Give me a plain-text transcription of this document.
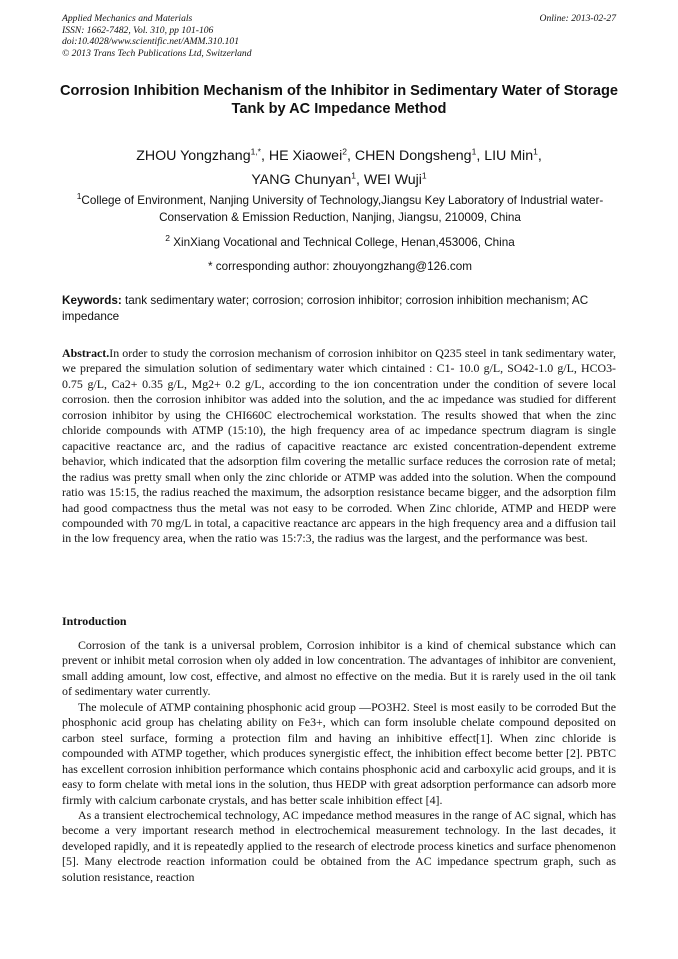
Applied Mechanics and Materials
ISSN: 1662-7482, Vol. 310, pp 101-106
doi:10.4028/www.scientific.net/AMM.310.101
© 2013 Trans Tech Publications Ltd, Switzerland
Online: 2013-02-27
Corrosion Inhibition Mechanism of the Inhibitor in Sedimentary Water of Storage Tank by AC Impedance Method
ZHOU Yongzhang$^{1,*}$, HE Xiaowei$^2$, CHEN Dongsheng$^1$, LIU Min$^1$,
YANG Chunyan$^1$, WEI Wuji$^1$
$^1$College of Environment, Nanjing University of Technology,Jiangsu Key Laboratory of Industrial water-Conservation & Emission Reduction, Nanjing, Jiangsu, 210009, China
$^2$ XinXiang Vocational and Technical College, Henan,453006, China
* corresponding author: zhouyongzhang@126.com
Keywords: tank sedimentary water; corrosion; corrosion inhibitor; corrosion inhibition mechanism; AC impedance
Abstract.In order to study the corrosion mechanism of corrosion inhibitor on Q235 steel in tank sedimentary water, we prepared the simulation solution of sedimentary water which cintained : C1- 10.0 g/L, SO42-1.0 g/L, HCO3- 0.75 g/L, Ca2+ 0.35 g/L, Mg2+ 0.2 g/L, according to the ion concentration under the condition of severe local corrosion. then the corrosion inhibitor was added into the solution, and the ac impedance was studied for different corrosion inhibitor by using the CHI660C electrochemical workstation. The results showed that when the zinc chloride compounds with ATMP (15:10), the high frequency area of ac impedance spectrum diagram is single capacitive reactance arc, and the radius of capacitive reactance arc existed concentration-dependent extreme behavior, which indicated that the adsorption film covering the metallic surface reduces the corrosion rate of metal; the radius was pretty small when only the zinc chloride or ATMP was added into the solution. When the compound ratio was 15:15, the radius reached the maximum, the adsorption resistance became bigger, and the adsorption film had good compactness thus the metal was not easy to be corroded. When Zinc chloride, ATMP and HEDP were compounded with 70 mg/L in total, a capacitive reactance arc appears in the high frequency area and a diffusion tail in the low frequency area, when the ratio was 15:7:3, the radius was the largest, and the performance was best.
Introduction

Corrosion of the tank is a universal problem, Corrosion inhibitor is a kind of chemical substance which can prevent or inhibit metal corrosion when oly added in low concentration. The advantages of inhibitor are convenient, small adding amount, low cost, effective, and almost no effective on the media. But it is rarely used in the oil tank of sedimentary water currently.

The molecule of ATMP containing phosphonic acid group —PO3H2. Steel is most easily to be corroded But the phosphonic acid group has chelating ability on Fe3+, which can form insoluble chelate compound deposited on carbon steel surface, forming a protection film and having an inhibitive effect[1]. When zinc chloride is compounded with ATMP together, which produces synergistic effect, the inhibition effect become better [2]. PBTC has excellent corrosion inhibition performance which contains phosphonic acid and carboxylic acid groups, and it is easy to form chelate with metal ions in the solution, thus HEDP with great adsorption performance can adsorb more firmly with calcium carbonate crystals, and has better scale inhibition effect [4].

As a transient electrochemical technology, AC impedance method measures in the range of AC signal, which has become a very important research method in electrochemical measurement technology. In the last decades, it developed rapidly, and it is repeatedly applied to the research of electrode process kinetics and surface phenomenon [5]. Many electrode reaction information could be obtained from the AC impedance spectrum graph, such as solution resistance, reaction
